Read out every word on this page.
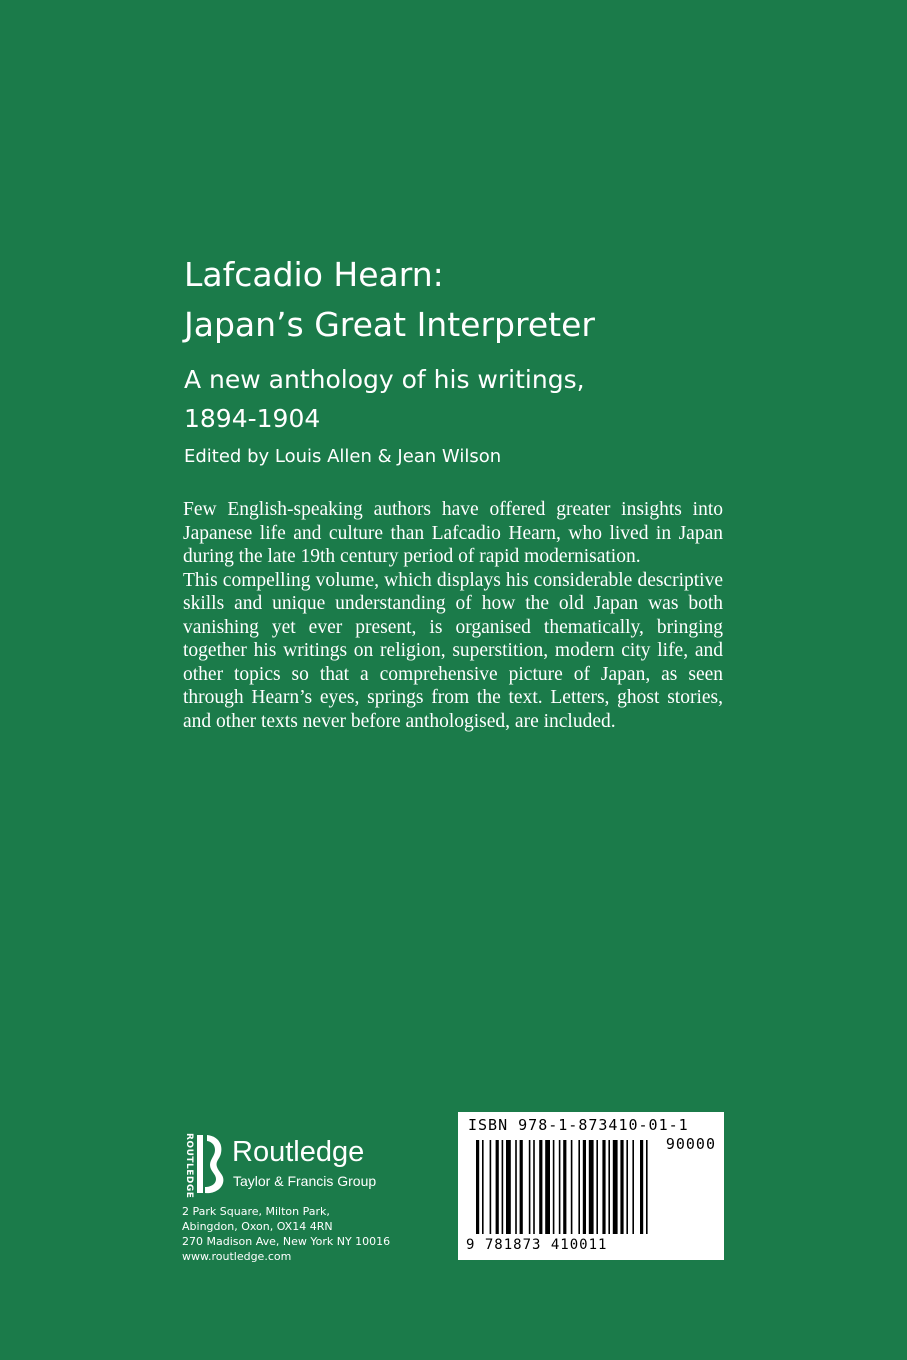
Lafcadio Hearn:
Japan’s Great Interpreter
A new anthology of his writings,
1894-1904
Edited by Louis Allen & Jean Wilson

Few English-speaking authors have offered greater insights into Japanese life and culture than Lafcadio Hearn, who lived in Japan during the late 19th century period of rapid modernisation.

This compelling volume, which displays his considerable descriptive skills and unique understanding of how the old Japan was both vanishing yet ever present, is organised thematically, bringing together his writings on religion, superstition, modern city life, and other topics so that a comprehensive picture of Japan, as seen through Hearn’s eyes, springs from the text. Letters, ghost stories, and other texts never before anthologised, are included.

ROUTLEDGE Routledge
Taylor & Francis Group
2 Park Square, Milton Park,
Abingdon, Oxon, OX14 4RN
270 Madison Ave, New York NY 10016
www.routledge.com
ISBN 978-1-873410-01-1
90000
9 781873 410011
